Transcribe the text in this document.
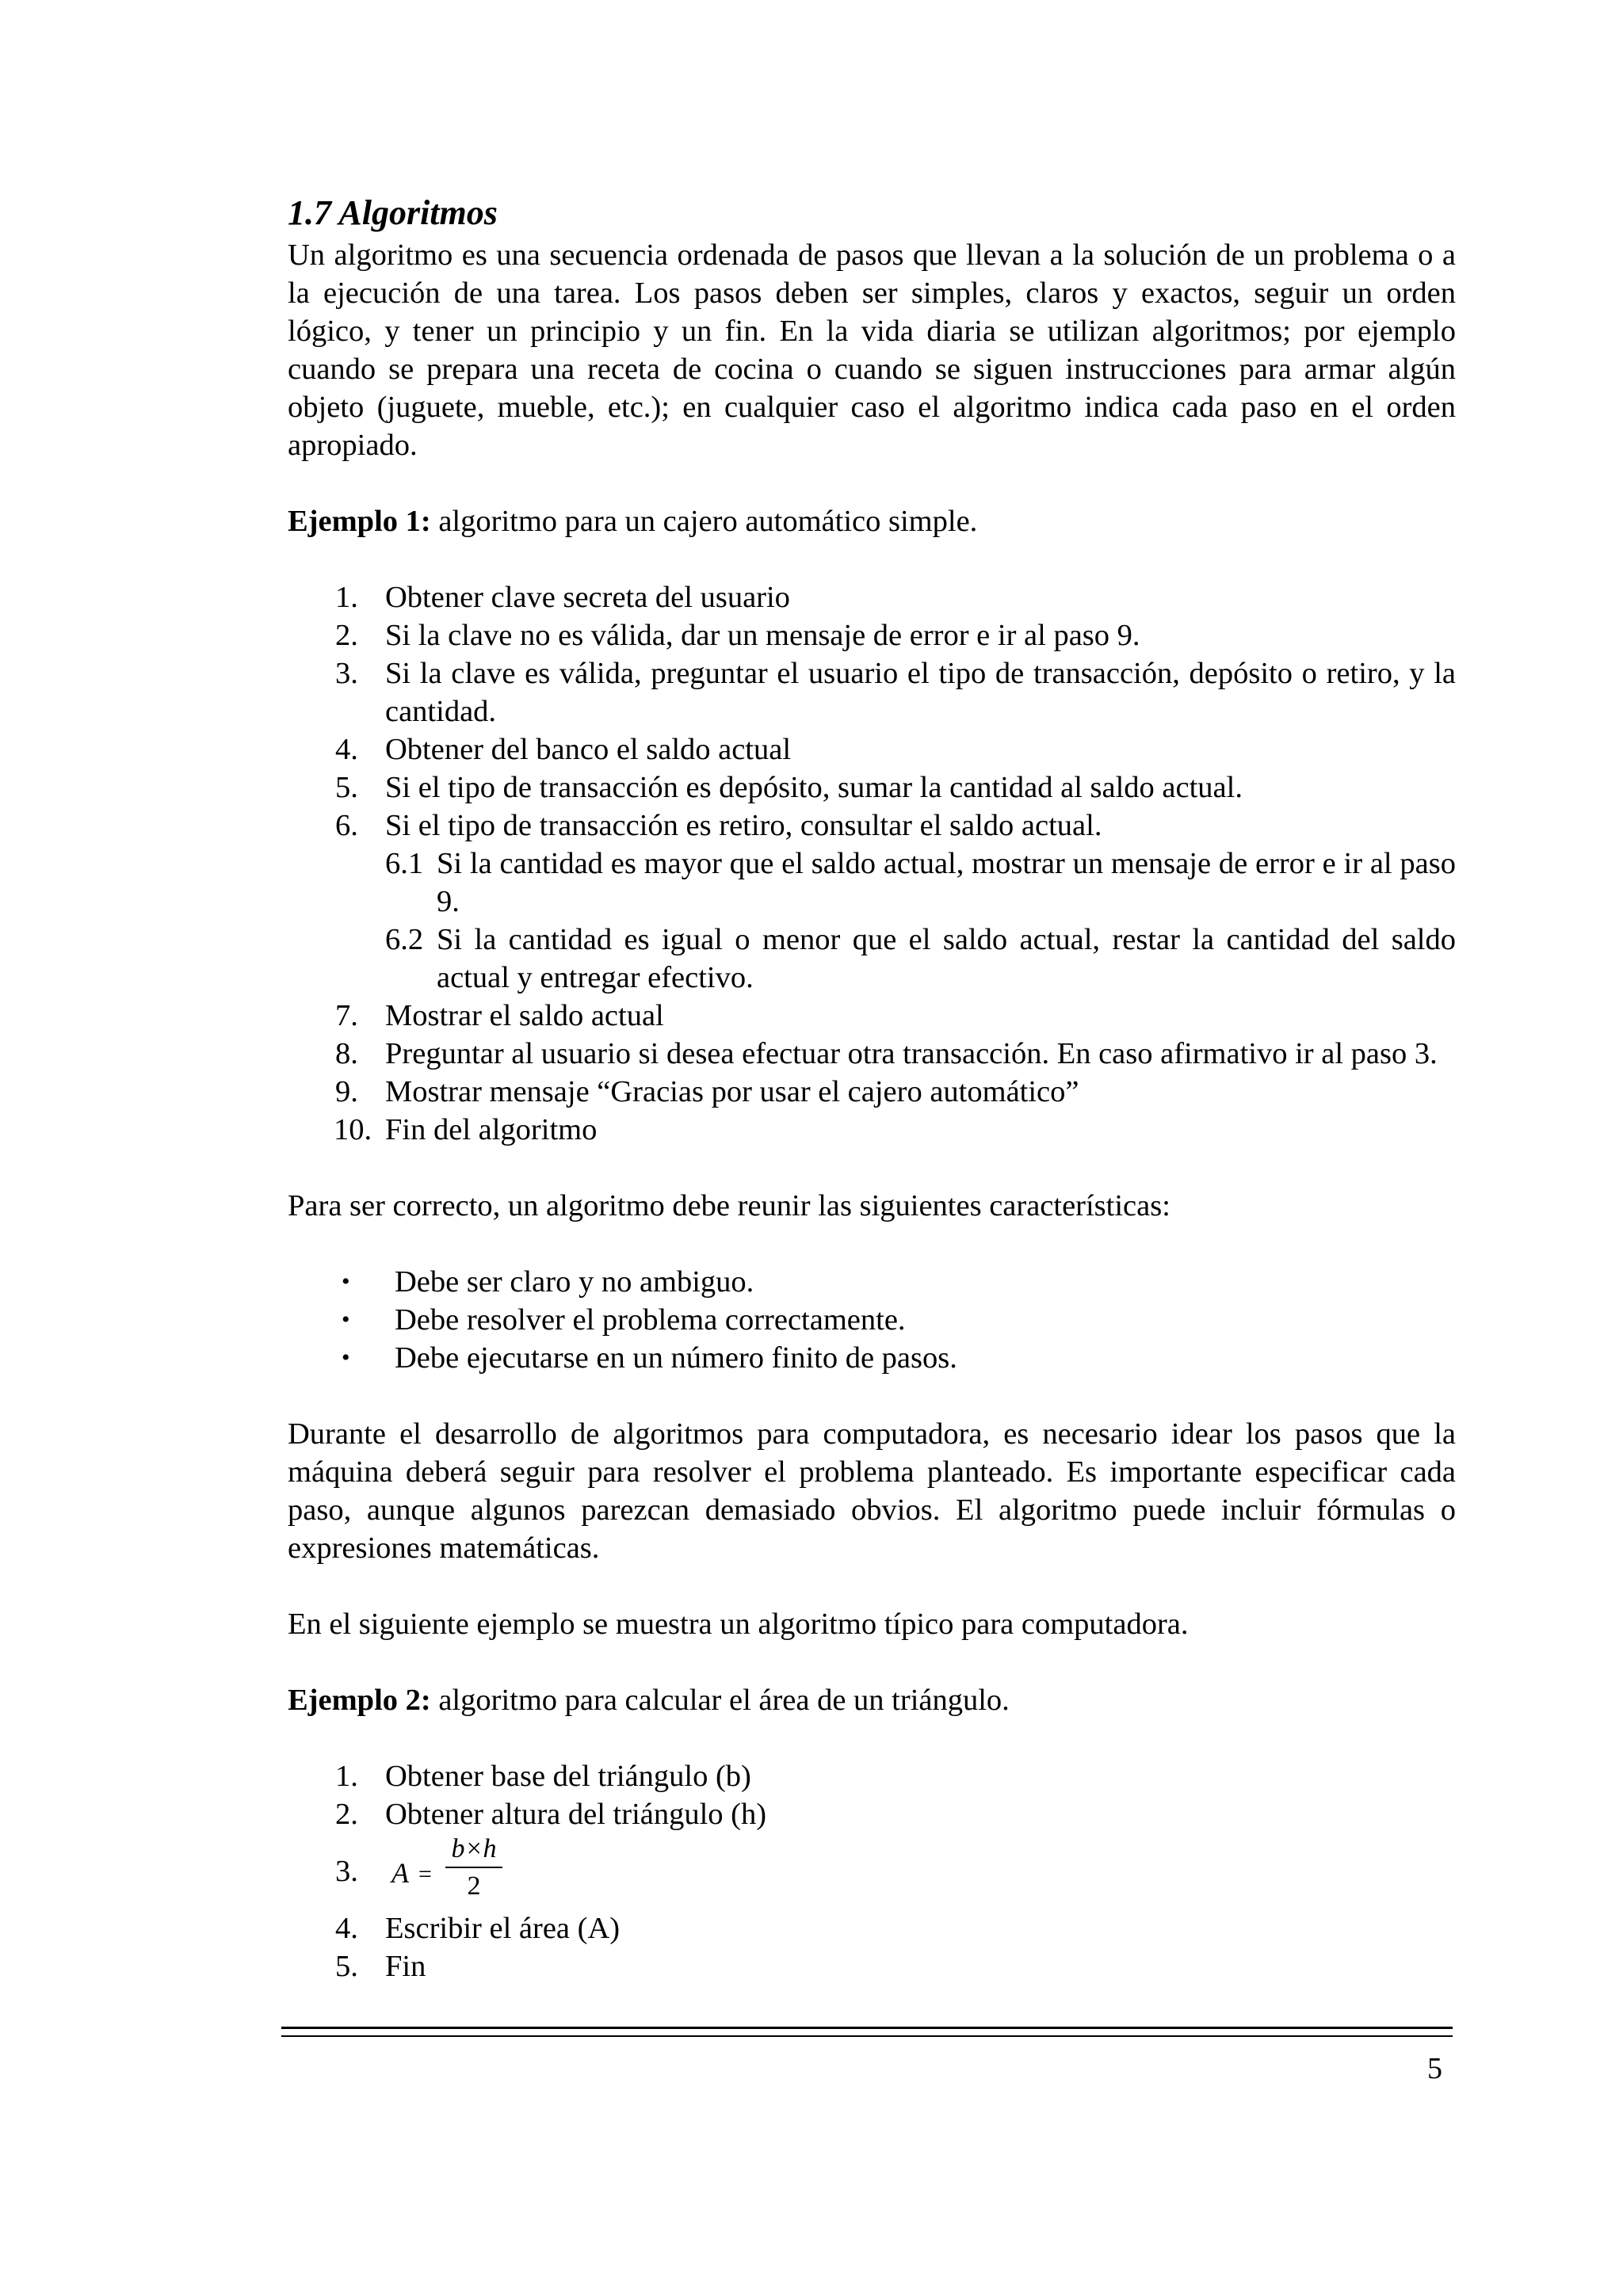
1.7 Algoritmos

Un algoritmo es una secuencia ordenada de pasos que llevan a la solución de un problema o a la ejecución de una tarea. Los pasos deben ser simples, claros y exactos, seguir un orden lógico, y tener un principio y un fin. En la vida diaria se utilizan algoritmos; por ejemplo cuando se prepara una receta de cocina o cuando se siguen instrucciones para armar algún objeto (juguete, mueble, etc.); en cualquier caso el algoritmo indica cada paso en el orden apropiado.

Ejemplo 1: algoritmo para un cajero automático simple.

1. Obtener clave secreta del usuario
2. Si la clave no es válida, dar un mensaje de error e ir al paso 9.
3. Si la clave es válida, preguntar el usuario el tipo de transacción, depósito o retiro, y la cantidad.
4. Obtener del banco el saldo actual
5. Si el tipo de transacción es depósito, sumar la cantidad al saldo actual.
6. Si el tipo de transacción es retiro, consultar el saldo actual.
6.1 Si la cantidad es mayor que el saldo actual, mostrar un mensaje de error e ir al paso 9.
6.2 Si la cantidad es igual o menor que el saldo actual, restar la cantidad del saldo actual y entregar efectivo.
7. Mostrar el saldo actual
8. Preguntar al usuario si desea efectuar otra transacción. En caso afirmativo ir al paso 3.
9. Mostrar mensaje “Gracias por usar el cajero automático”
10. Fin del algoritmo

Para ser correcto, un algoritmo debe reunir las siguientes características:

• Debe ser claro y no ambiguo.
• Debe resolver el problema correctamente.
• Debe ejecutarse en un número finito de pasos.

Durante el desarrollo de algoritmos para computadora, es necesario idear los pasos que la máquina deberá seguir para resolver el problema planteado. Es importante especificar cada paso, aunque algunos parezcan demasiado obvios. El algoritmo puede incluir fórmulas o expresiones matemáticas.

En el siguiente ejemplo se muestra un algoritmo típico para computadora.

Ejemplo 2: algoritmo para calcular el área de un triángulo.

1. Obtener base del triángulo (b)
2. Obtener altura del triángulo (h)
3. $A = \frac{b\times h}{2}$
4. Escribir el área (A)
5. Fin
5
